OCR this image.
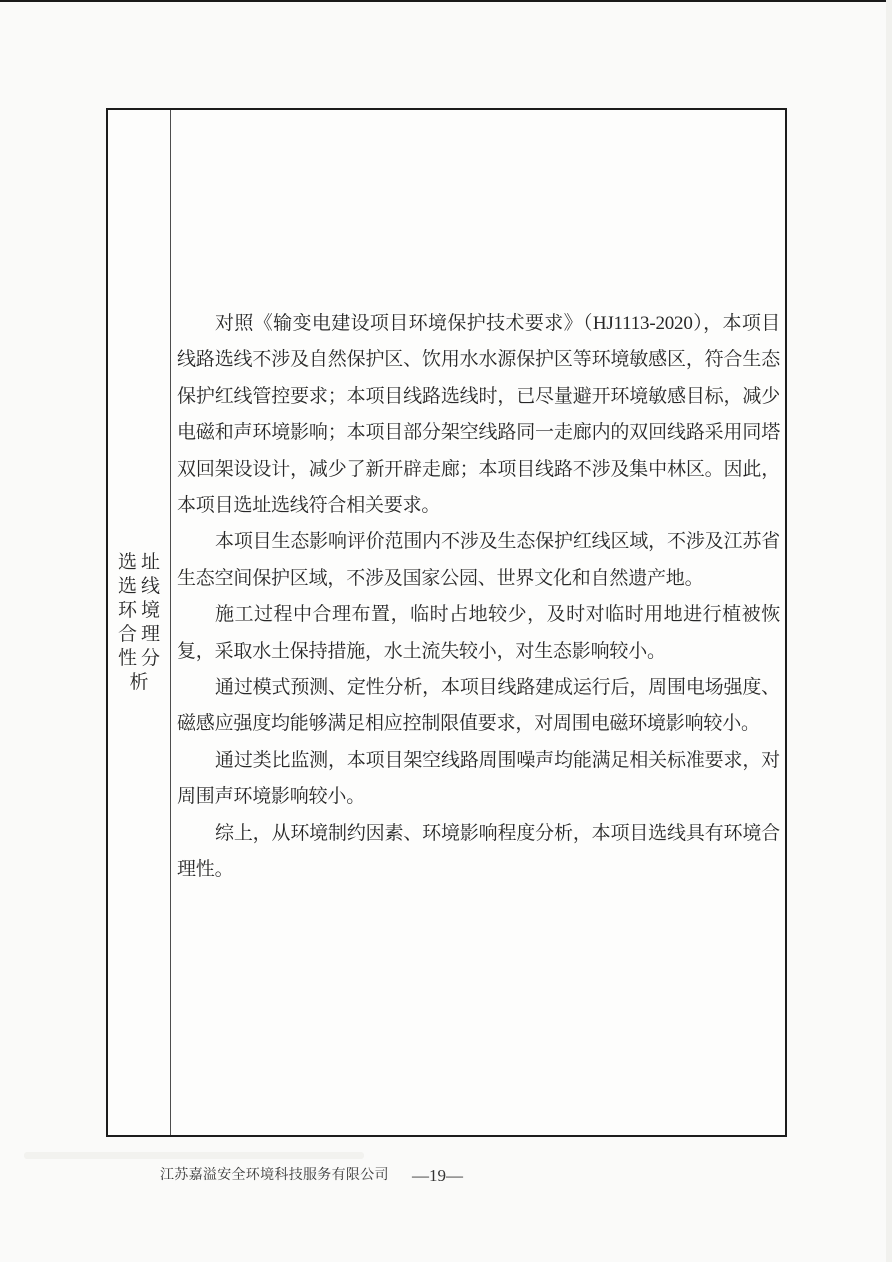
选址
选线
环境
合理
性分
析

对照《输变电建设项目环境保护技术要求》（HJ1113-2020），本项目线路选线不涉及自然保护区、饮用水水源保护区等环境敏感区，符合生态保护红线管控要求；本项目线路选线时，已尽量避开环境敏感目标，减少电磁和声环境影响；本项目部分架空线路同一走廊内的双回线路采用同塔双回架设设计，减少了新开辟走廊；本项目线路不涉及集中林区。因此，本项目选址选线符合相关要求。

本项目生态影响评价范围内不涉及生态保护红线区域，不涉及江苏省生态空间保护区域，不涉及国家公园、世界文化和自然遗产地。

施工过程中合理布置，临时占地较少，及时对临时用地进行植被恢复，采取水土保持措施，水土流失较小，对生态影响较小。

通过模式预测、定性分析，本项目线路建成运行后，周围电场强度、磁感应强度均能够满足相应控制限值要求，对周围电磁环境影响较小。

通过类比监测，本项目架空线路周围噪声均能满足相关标准要求，对周围声环境影响较小。

综上，从环境制约因素、环境影响程度分析，本项目选线具有环境合理性。

江苏嘉溢安全环境科技服务有限公司 —19—
